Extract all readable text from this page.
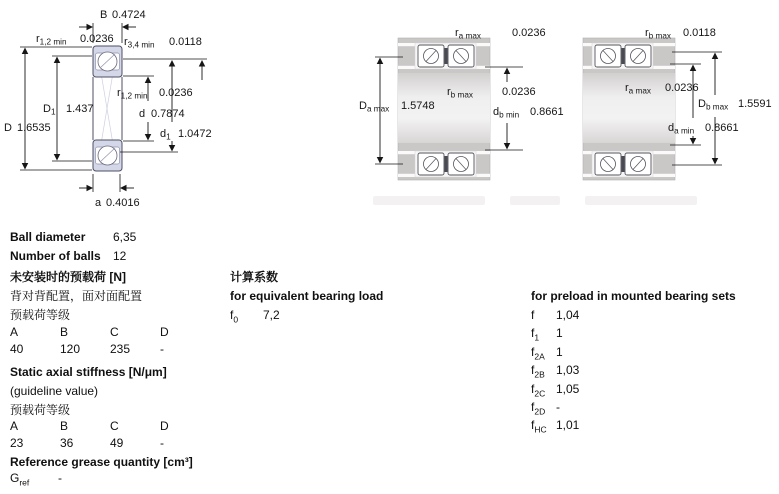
B 0.4724
$r_{1,2 min}$ 0.0236 $r_{3,4 min}$ 0.0118
$D_1$ 1.437
D 1.6535
$r_{1,2 min}$ 0.0236
d 0.7874
$d_1$ 1.0472
a 0.4016
$r_{a max}$	0.0236
$D_{a max}$ 1.5748
$r_{b max}$	0.0236
$d_{b min}$ 0.8661
$r_{b max}$ 0.0118
$r_{a max}$ 0.0236
$D_{b max}$ 1.5591
$d_{a min}$ 0.8661
Ball diameter 6,35
Number of balls 12
未安装时的预载荷 [N]
背对背配置，面对面配置
预载荷等级
A	B	C	D
40	120 235 -
Static axial stiffness [N/μm]
(guideline value)
预载荷等级
A	B	C	D
23	36	49	-
Reference grease quantity [cm³]
$G_{ref}$ -
计算系数
for equivalent bearing load
$f_0$ 7,2
for preload in mounted bearing sets
f 1,04
$f_1$ 1
$f_{2A}$ 1
$f_{2B}$ 1,03
$f_{2C}$ 1,05
$f_{2D}$ -
$f_{HC}$ 1,01
